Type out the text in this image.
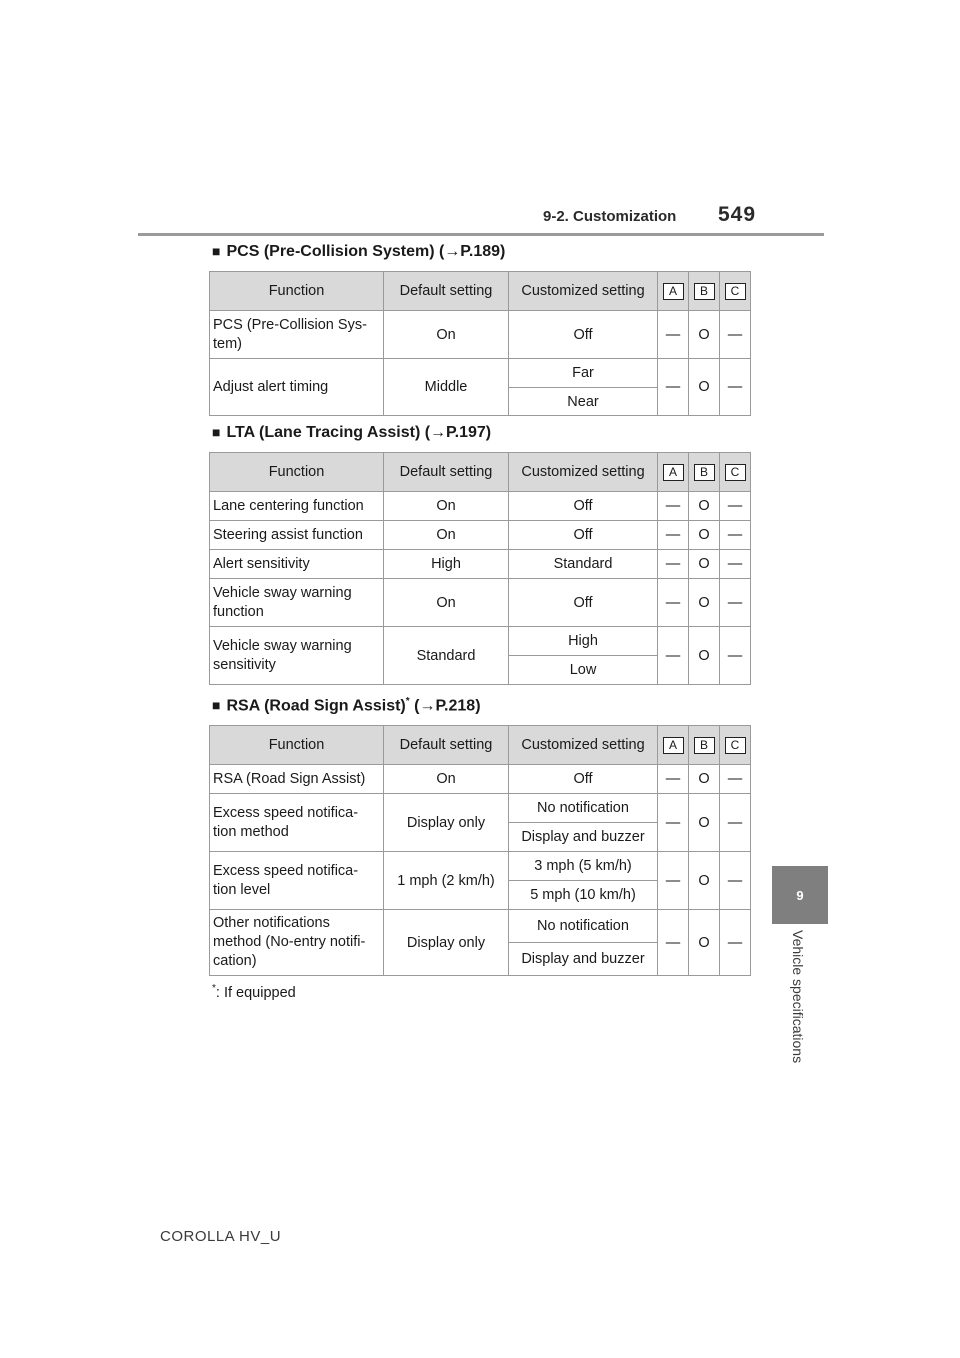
9-2. Customization 549
9
Vehicle specifications
■ PCS (Pre-Collision System) (→P.189)
Function	Default setting	Customized setting	A	B	C
PCS (Pre-Collision Sys-tem)	On	Off	—	O	—
Adjust alert timing	Middle	Far	—	O	—
		Near			
■ LTA (Lane Tracing Assist) (→P.197)
Function	Default setting	Customized setting	A	B	C
Lane centering function	On	Off	—	O	—
Steering assist function	On	Off	—	O	—
Alert sensitivity	High	Standard	—	O	—
Vehicle sway warning function	On	Off	—	O	—
Vehicle sway warning sensitivity	Standard	High	—	O	—
		Low			
■ RSA (Road Sign Assist)* (→P.218)
Function	Default setting	Customized setting	A	B	C
RSA (Road Sign Assist)	On	Off	—	O	—
Excess speed notifica-tion method	Display only	No notification	—	O	—
		Display and buzzer			
Excess speed notifica-tion level	1 mph (2 km/h)	3 mph (5 km/h)	—	O	—
		5 mph (10 km/h)			
Other notifications method (No-entry notifi-cation)	Display only	No notification	—	O	—
		Display and buzzer			
*: If equipped
COROLLA HV_U
